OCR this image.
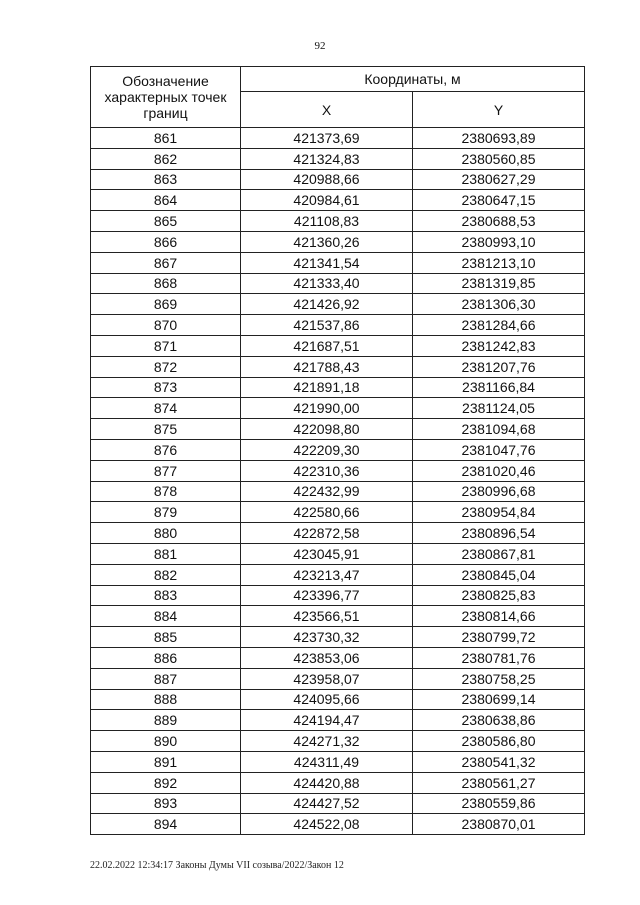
92
Обозначение характерных точек границ	Координаты, м	
	X	Y
861	421373,69	2380693,89
862	421324,83	2380560,85
863	420988,66	2380627,29
864	420984,61	2380647,15
865	421108,83	2380688,53
866	421360,26	2380993,10
867	421341,54	2381213,10
868	421333,40	2381319,85
869	421426,92	2381306,30
870	421537,86	2381284,66
871	421687,51	2381242,83
872	421788,43	2381207,76
873	421891,18	2381166,84
874	421990,00	2381124,05
875	422098,80	2381094,68
876	422209,30	2381047,76
877	422310,36	2381020,46
878	422432,99	2380996,68
879	422580,66	2380954,84
880	422872,58	2380896,54
881	423045,91	2380867,81
882	423213,47	2380845,04
883	423396,77	2380825,83
884	423566,51	2380814,66
885	423730,32	2380799,72
886	423853,06	2380781,76
887	423958,07	2380758,25
888	424095,66	2380699,14
889	424194,47	2380638,86
890	424271,32	2380586,80
891	424311,49	2380541,32
892	424420,88	2380561,27
893	424427,52	2380559,86
894	424522,08	2380870,01
22.02.2022 12:34:17 Законы Думы VII созыва/2022/Закон 12
